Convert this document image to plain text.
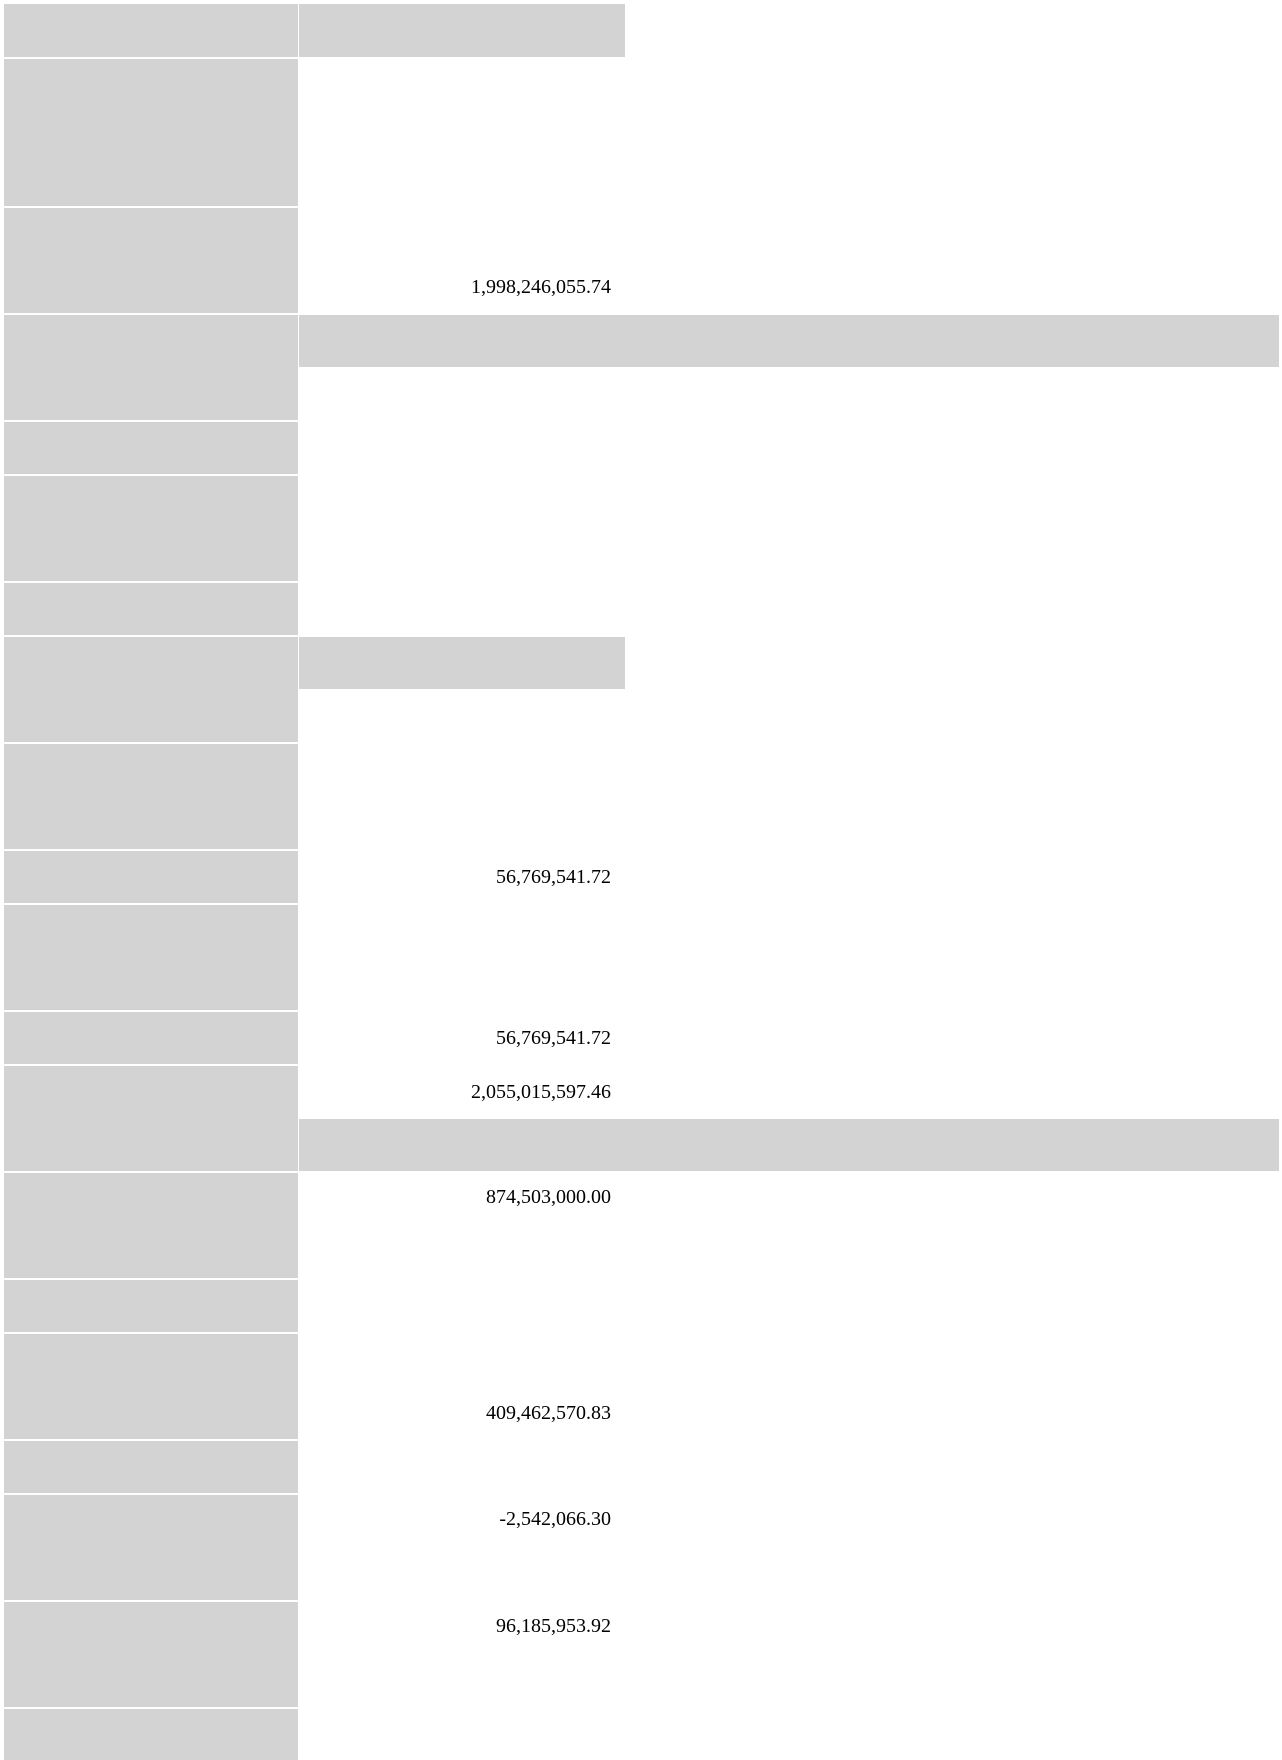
1,998,246,055.74
56,769,541.72
56,769,541.72
2,055,015,597.46
874,503,000.00
409,462,570.83
-2,542,066.30
96,185,953.92
